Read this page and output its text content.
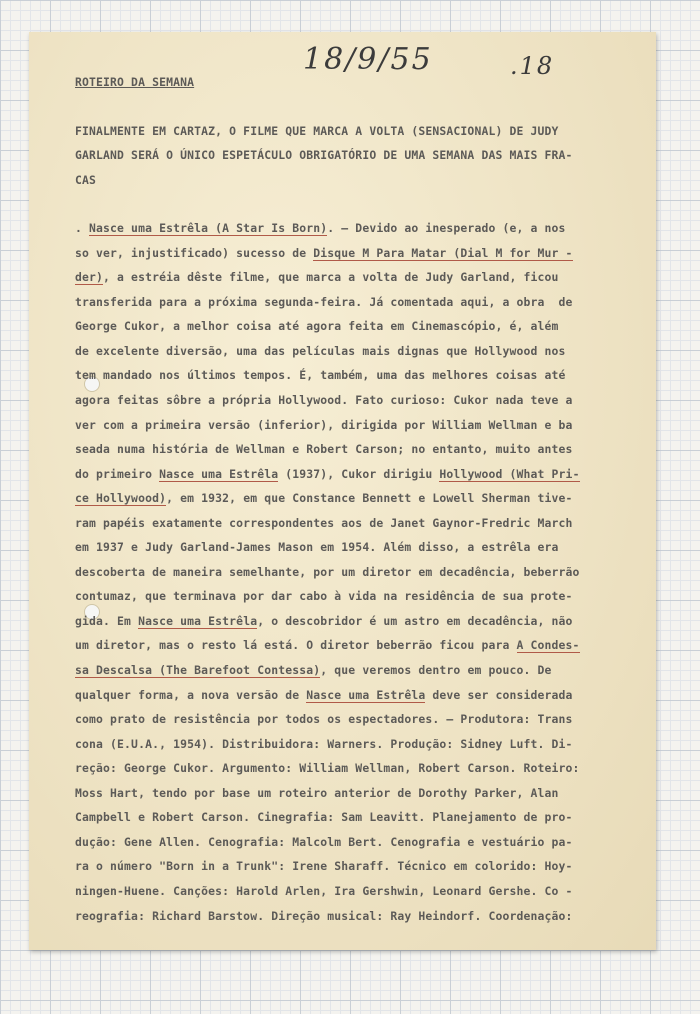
18/9/55	.18
ROTEIRO DA SEMANA
FINALMENTE EM CARTAZ, O FILME QUE MARCA A VOLTA (SENSACIONAL) DE JUDY
GARLAND SERÁ O ÚNICO ESPETÁCULO OBRIGATÓRIO DE UMA SEMANA DAS MAIS FRA-
CAS
. Nasce uma Estrêla (A Star Is Born). — Devido ao inesperado (e, a nos
so ver, injustificado) sucesso de Disque M Para Matar (Dial M for Mur -
der), a estréia dêste filme, que marca a volta de Judy Garland, ficou
transferida para a próxima segunda-feira. Já comentada aqui, a obra  de
George Cukor, a melhor coisa até agora feita em Cinemascópio, é, além
de excelente diversão, uma das películas mais dignas que Hollywood nos
tem mandado nos últimos tempos. É, também, uma das melhores coisas até
agora feitas sôbre a própria Hollywood. Fato curioso: Cukor nada teve a
ver com a primeira versão (inferior), dirigida por William Wellman e ba
seada numa história de Wellman e Robert Carson; no entanto, muito antes
do primeiro Nasce uma Estrêla (1937), Cukor dirigiu Hollywood (What Pri-
ce Hollywood), em 1932, em que Constance Bennett e Lowell Sherman tive-
ram papéis exatamente correspondentes aos de Janet Gaynor-Fredric March
em 1937 e Judy Garland-James Mason em 1954. Além disso, a estrêla era
descoberta de maneira semelhante, por um diretor em decadência, beberrão
contumaz, que terminava por dar cabo à vida na residência de sua prote-
gida. Em Nasce uma Estrêla, o descobridor é um astro em decadência, não
um diretor, mas o resto lá está. O diretor beberrão ficou para A Condes-
sa Descalsa (The Barefoot Contessa), que veremos dentro em pouco. De
qualquer forma, a nova versão de Nasce uma Estrêla deve ser considerada
como prato de resistência por todos os espectadores. — Produtora: Trans
cona (E.U.A., 1954). Distribuidora: Warners. Produção: Sidney Luft. Di-
reção: George Cukor. Argumento: William Wellman, Robert Carson. Roteiro:
Moss Hart, tendo por base um roteiro anterior de Dorothy Parker, Alan
Campbell e Robert Carson. Cinegrafia: Sam Leavitt. Planejamento de pro-
dução: Gene Allen. Cenografia: Malcolm Bert. Cenografia e vestuário pa-
ra o número "Born in a Trunk": Irene Sharaff. Técnico em colorido: Hoy-
ningen-Huene. Canções: Harold Arlen, Ira Gershwin, Leonard Gershe. Co -
reografia: Richard Barstow. Direção musical: Ray Heindorf. Coordenação:
